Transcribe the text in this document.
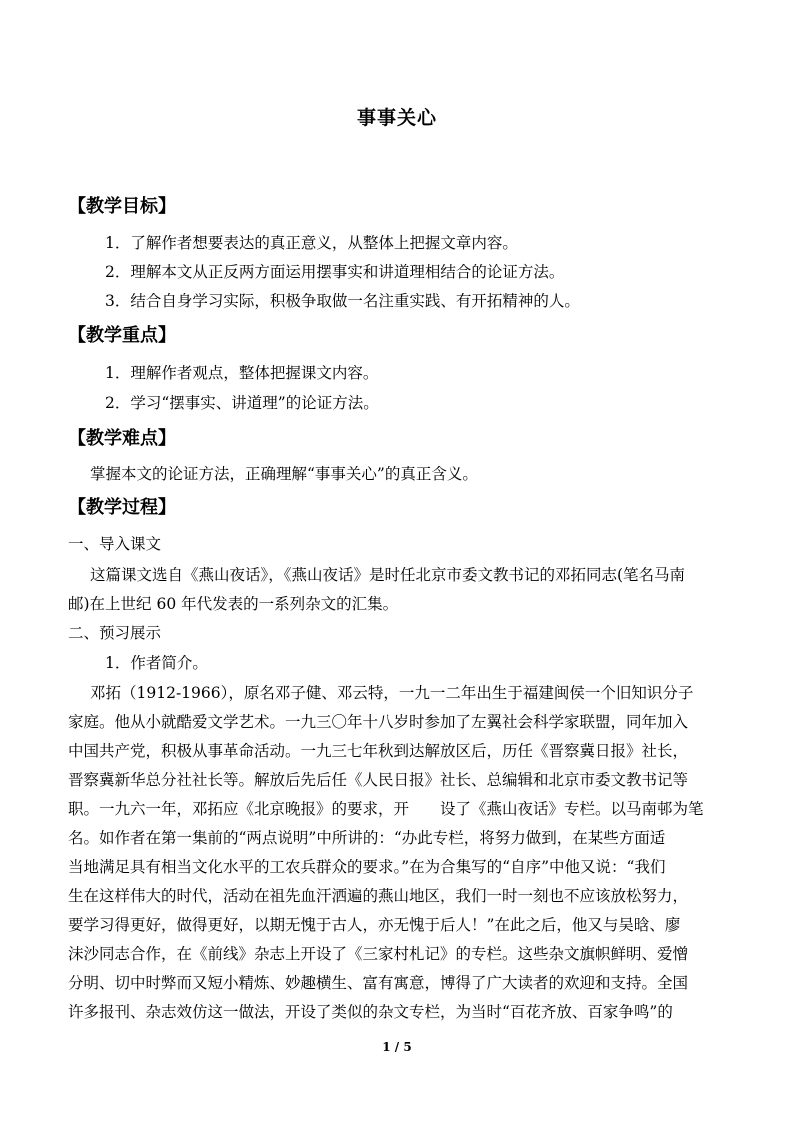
事事关心
【教学目标】
1．了解作者想要表达的真正意义，从整体上把握文章内容。
2．理解本文从正反两方面运用摆事实和讲道理相结合的论证方法。
3．结合自身学习实际，积极争取做一名注重实践、有开拓精神的人。
【教学重点】
1．理解作者观点，整体把握课文内容。
2．学习“摆事实、讲道理”的论证方法。
【教学难点】
掌握本文的论证方法，正确理解“事事关心”的真正含义。
【教学过程】
一、导入课文
这篇课文选自《燕山夜话》，《燕山夜话》是时任北京市委文教书记的邓拓同志(笔名马南
邮)在上世纪 60 年代发表的一系列杂文的汇集。
二、预习展示
1．作者简介。
邓拓（1912-1966），原名邓子健、邓云特，一九一二年出生于福建闽侯一个旧知识分子
家庭。他从小就酷爱文学艺术。一九三〇年十八岁时参加了左翼社会科学家联盟，同年加入
中国共产党，积极从事革命活动。一九三七年秋到达解放区后，历任《晋察冀日报》社长，
晋察冀新华总分社社长等。解放后先后任《人民日报》社长、总编辑和北京市委文教书记等
职。一九六一年，邓拓应《北京晚报》的要求，开　　设了《燕山夜话》专栏。以马南邨为笔
名。如作者在第一集前的“两点说明”中所讲的：“办此专栏，将努力做到，在某些方面适
当地满足具有相当文化水平的工农兵群众的要求。”在为合集写的“自序”中他又说：“我们
生在这样伟大的时代，活动在祖先血汗洒遍的燕山地区，我们一时一刻也不应该放松努力，
要学习得更好，做得更好，以期无愧于古人，亦无愧于后人！”在此之后，他又与吴晗、廖
沫沙同志合作，在《前线》杂志上开设了《三家村札记》的专栏。这些杂文旗帜鲜明、爱憎
分明、切中时弊而又短小精炼、妙趣横生、富有寓意，博得了广大读者的欢迎和支持。全国
许多报刊、杂志效仿这一做法，开设了类似的杂文专栏，为当时“百花齐放、百家争鸣”的
1 / 5
